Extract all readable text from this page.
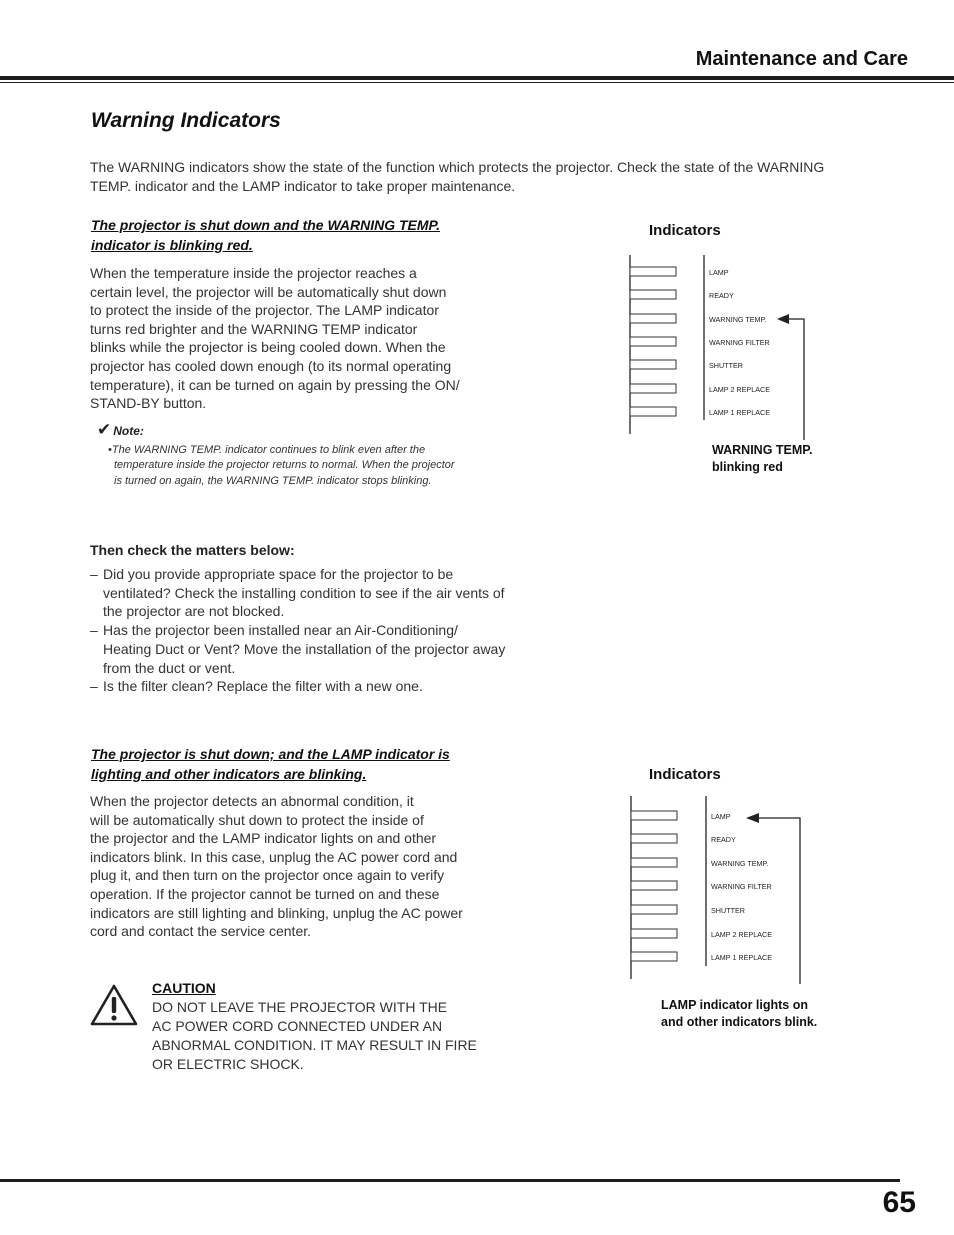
Maintenance and Care
Warning Indicators
The WARNING indicators show the state of the function which protects the projector. Check the state of the WARNING TEMP. indicator and the LAMP indicator to take proper maintenance.
The projector is shut down and the WARNING TEMP.
indicator is blinking red.
When the temperature inside the projector reaches a
certain level, the projector will be automatically shut down
to protect the inside of the projector. The LAMP indicator
turns red brighter and the WARNING TEMP indicator
blinks while the projector is being cooled down. When the
projector has cooled down enough (to its normal operating
temperature), it can be turned on again by pressing the ON/
STAND-BY button.
✔ Note:
•The WARNING TEMP. indicator continues to blink even after the
temperature inside the projector returns to normal. When the projector
is turned on again, the WARNING TEMP. indicator stops blinking.
Then check the matters below:
– Did you provide appropriate space for the projector to be ventilated? Check the installing condition to see if the air vents of the projector are not blocked.
– Has the projector been installed near an Air-Conditioning/ Heating Duct or Vent? Move the installation of the projector away from the duct or vent.
– Is the filter clean? Replace the filter with a new one.
Indicators
LAMP
READY
WARNING TEMP.
WARNING FILTER
SHUTTER
LAMP 2 REPLACE
LAMP 1 REPLACE
WARNING TEMP.
blinking red
The projector is shut down; and the LAMP indicator is
lighting and other indicators are blinking.
When the projector detects an abnormal condition, it
will be automatically shut down to protect the inside of
the projector and the LAMP indicator lights on and other
indicators blink. In this case, unplug the AC power cord and
plug it, and then turn on the projector once again to verify
operation. If the projector cannot be turned on and these
indicators are still lighting and blinking, unplug the AC power
cord and contact the service center.
Indicators
LAMP
READY
WARNING TEMP.
WARNING FILTER
SHUTTER
LAMP 2 REPLACE
LAMP 1 REPLACE
LAMP indicator lights on
and other indicators blink.
CAUTION
DO NOT LEAVE THE PROJECTOR WITH THE
AC POWER CORD CONNECTED UNDER AN
ABNORMAL CONDITION. IT MAY RESULT IN FIRE
OR ELECTRIC SHOCK.
65
